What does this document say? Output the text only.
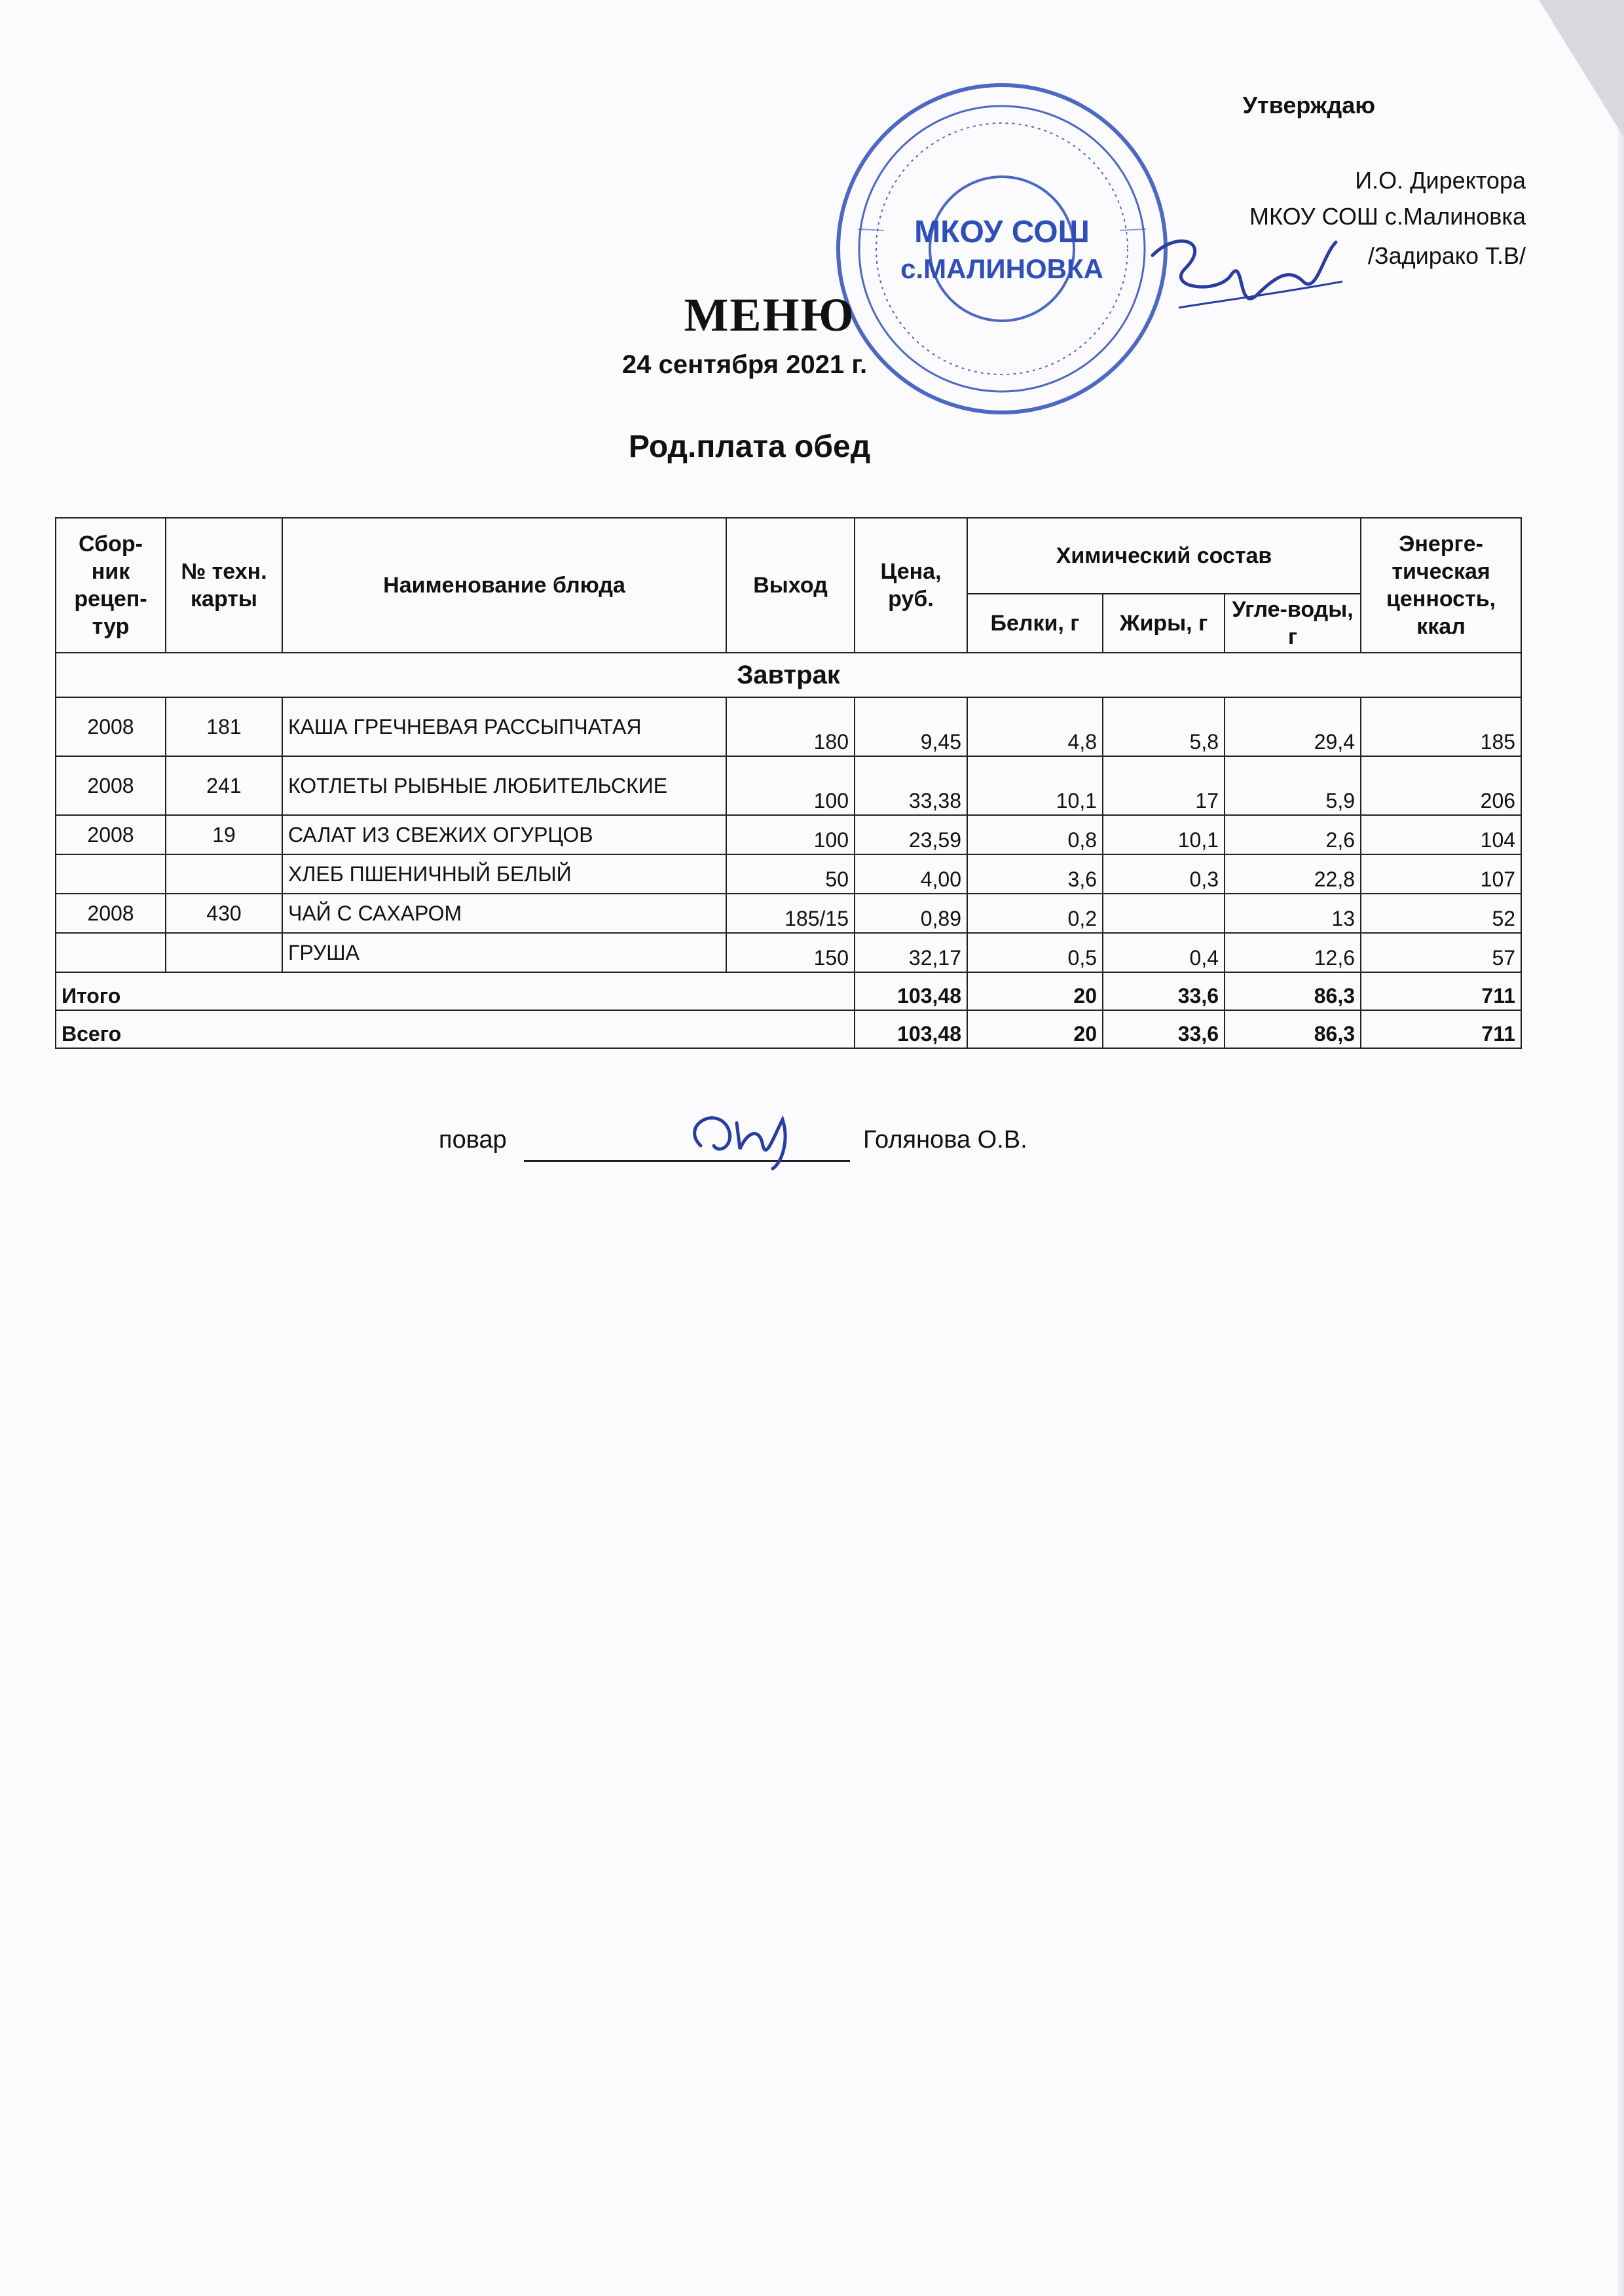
Утверждаю
И.О. Директора
МКОУ СОШ с.Малиновка
/Задирако Т.В/
МКОУ СОШ
с.МАЛИНОВКА
МЕНЮ
24 сентября 2021 г.
Род.плата обед
Сбор-ник рецеп-тур	№ техн. карты	Наименование блюда	Выход	Цена, руб.	Химический состав			Энерге-тическая ценность, ккал
					Белки, г	Жиры, г	Угле-воды, г	
Завтрак								
2008	181	КАША ГРЕЧНЕВАЯ РАССЫПЧАТАЯ	180	9,45	4,8	5,8	29,4	185
2008	241	КОТЛЕТЫ РЫБНЫЕ ЛЮБИТЕЛЬСКИЕ	100	33,38	10,1	17	5,9	206
2008	19	САЛАТ ИЗ СВЕЖИХ ОГУРЦОВ	100	23,59	0,8	10,1	2,6	104
		ХЛЕБ ПШЕНИЧНЫЙ БЕЛЫЙ	50	4,00	3,6	0,3	22,8	107
2008	430	ЧАЙ С САХАРОМ	185/15	0,89	0,2		13	52
		ГРУША	150	32,17	0,5	0,4	12,6	57
Итого				103,48	20	33,6	86,3	711
Всего				103,48	20	33,6	86,3	711
повар	Голянова О.В.
